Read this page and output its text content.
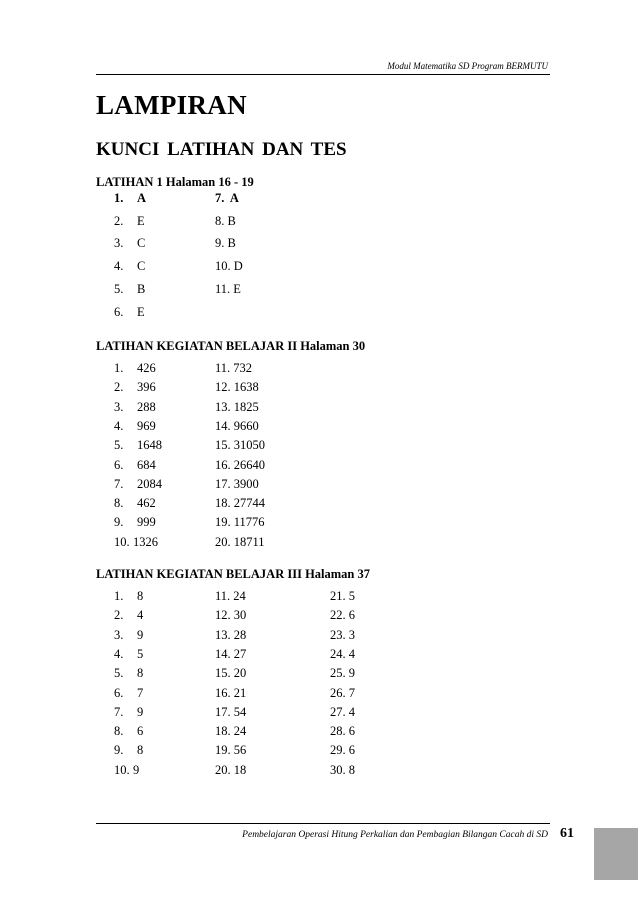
Modul Matematika SD Program BERMUTU
LAMPIRAN
KUNCI LATIHAN DAN TES
LATIHAN 1 Halaman 16 - 19
LATIHAN KEGIATAN BELAJAR II Halaman 30
LATIHAN KEGIATAN BELAJAR III Halaman 37
1. A
2. E
3. C
4. C
5. B
6. E
7.  A
8. B
9. B
10. D
11. E
1. 426
2. 396
3. 288
4. 969
5. 1648
6. 684
7. 2084
8. 462
9. 999
10. 1326
11. 732
12. 1638
13. 1825
14. 9660
15. 31050
16. 26640
17. 3900
18. 27744
19. 11776
20. 18711
1. 8
2. 4
3. 9
4. 5
5. 8
6. 7
7. 9
8. 6
9. 8
10. 9
11. 24
12. 30
13. 28
14. 27
15. 20
16. 21
17. 54
18. 24
19. 56
20. 18
21. 5
22. 6
23. 3
24. 4
25. 9
26. 7
27. 4
28. 6
29. 6
30. 8
Pembelajaran Operasi Hitung Perkalian dan Pembagian Bilangan Cacah di SD 61
